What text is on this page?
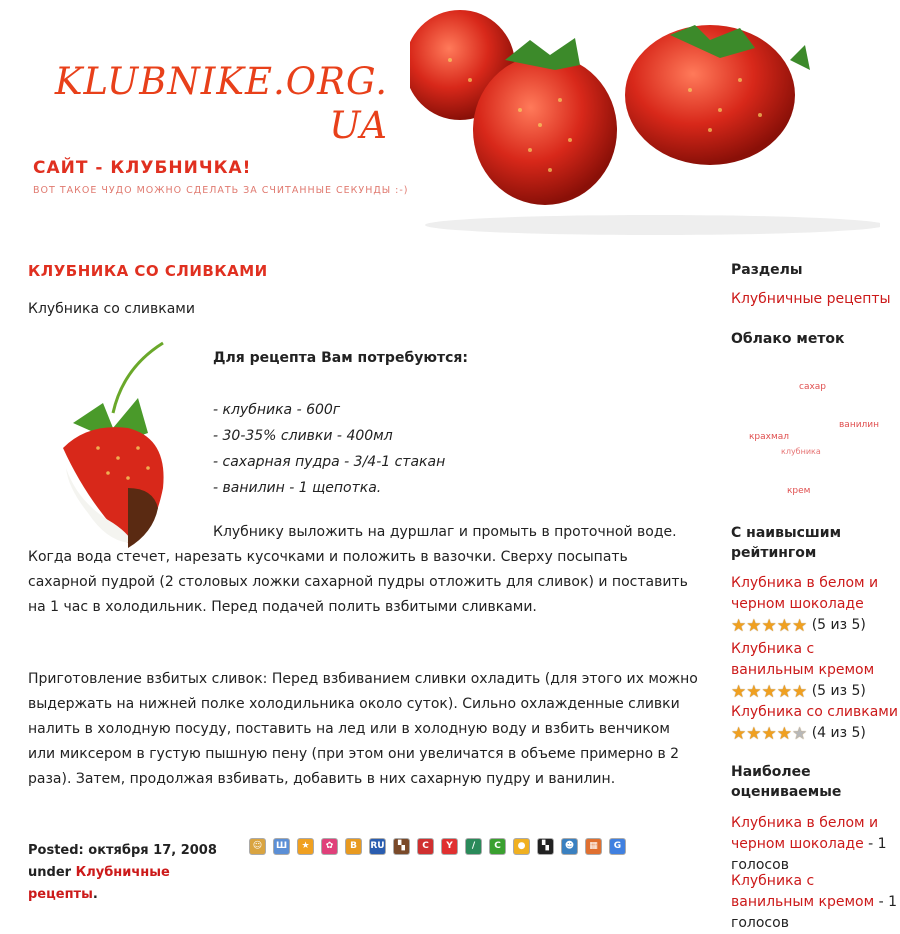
KLUBNIKE.ORG. UA
САЙТ - КЛУБНИЧКА!
ВОТ ТАКОЕ ЧУДО МОЖНО СДЕЛАТЬ ЗА СЧИТАННЫЕ СЕКУНДЫ :-)
КЛУБНИКА СО СЛИВКАМИ
Клубника со сливками
Для рецепта Вам потребуются:
- клубника - 600г
- 30-35% сливки - 400мл
- сахарная пудра - 3/4-1 стакан
- ванилин - 1 щепотка.
Клубнику выложить на дуршлаг и промыть в проточной воде. Когда вода стечет, нарезать кусочками и положить в вазочки. Сверху посыпать сахарной пудрой (2 столовых ложки сахарной пудры отложить для сливок) и поставить на 1 час в холодильник. Перед подачей полить взбитыми сливками.
Приготовление взбитых сливок: Перед взбиванием сливки охладить (для этого их можно выдержать на нижней полке холодильника около суток). Сильно охлажденные сливки налить в холодную посуду, поставить на лед или в холодную воду и взбить венчиком или миксером в густую пышную пену (при этом они увеличатся в объеме примерно в 2 раза). Затем, продолжая взбивать, добавить в них сахарную пудру и ванилин.
Posted: октября 17, 2008
under Клубничные рецепты.
☺	Ш	★	✿	B	RU	▚	C	Y	/	C	●	▚	☻	▦	G
Разделы
Клубничные рецепты
Облако меток
сахар
ванилин
крахмал
клубника
крем
С наивысшим рейтингом
Клубника в белом и черном шоколаде ★★★★★ (5 из 5)
Клубника с ванильным кремом ★★★★★ (5 из 5)
Клубника со сливками ★★★★★ (4 из 5)
Наиболее оцениваемые
Клубника в белом и черном шоколаде - 1 голосов
Клубника с ванильным кремом - 1 голосов
